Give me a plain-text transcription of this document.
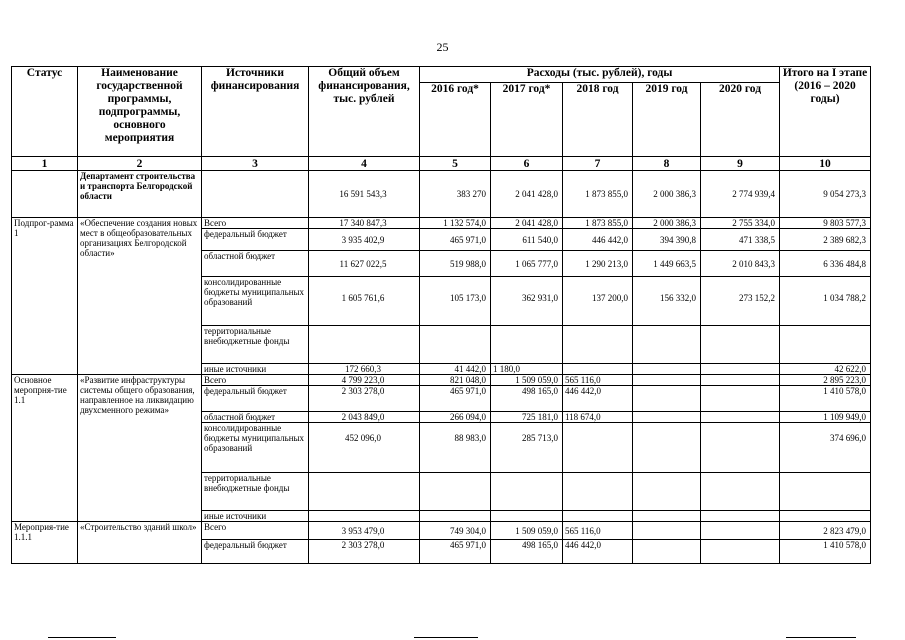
25
Статус	Наименование государственной программы, подпрограммы, основного мероприятия	Источники финансирования	Общий объем финансирования, тыс. рублей	Расходы (тыс. рублей), годы					Итого на I этапе (2016 – 2020 годы)
				2016 год*	2017 год*	2018 год	2019 год	2020 год	
1	2	3	4	5	6	7	8	9	10
	Департамент строительства и транспорта Белгородской области		16 591 543,3	383 270	2 041 428,0	1 873 855,0	2 000 386,3	2 774 939,4	9 054 273,3
Подпрог-рамма 1	«Обеспечение создания новых мест в общеобразовательных организациях Белгородской области»	Всего	17 340 847,3	1 132 574,0	2 041 428,0	1 873 855,0	2 000 386,3	2 755 334,0	9 803 577,3
		федеральный бюджет	3 935 402,9	465 971,0	611 540,0	446 442,0	394 390,8	471 338,5	2 389 682,3
		областной бюджет	11 627 022,5	519 988,0	1 065 777,0	1 290 213,0	1 449 663,5	2 010 843,3	6 336 484,8
		консолидированные бюджеты муниципальных образований	1 605 761,6	105 173,0	362 931,0	137 200,0	156 332,0	273 152,2	1 034 788,2
		территориальные внебюджетные фонды							
		иные источники	172 660,3	41 442,0	1 180,0				42 622,0
Основное меропрня-тие 1.1	«Развитие инфраструктуры системы общего образования, направленное на ликвидацию двухсменного режима»	Всего	4 799 223,0	821 048,0	1 509 059,0	565 116,0			2 895 223,0
		федеральный бюджет	2 303 278,0	465 971,0	498 165,0	446 442,0			1 410 578,0
		областной бюджет	2 043 849,0	266 094,0	725 181,0	118 674,0			1 109 949,0
		консолидированные бюджеты муниципальных образований	452 096,0	88 983,0	285 713,0				374 696,0
		территориальные внебюджетные фонды							
		иные источники							
Мероприя-тие 1.1.1	«Строительство зданий школ»	Всего	3 953 479,0	749 304,0	1 509 059,0	565 116,0			2 823 479,0
		федеральный бюджет	2 303 278,0	465 971,0	498 165,0	446 442,0			1 410 578,0
